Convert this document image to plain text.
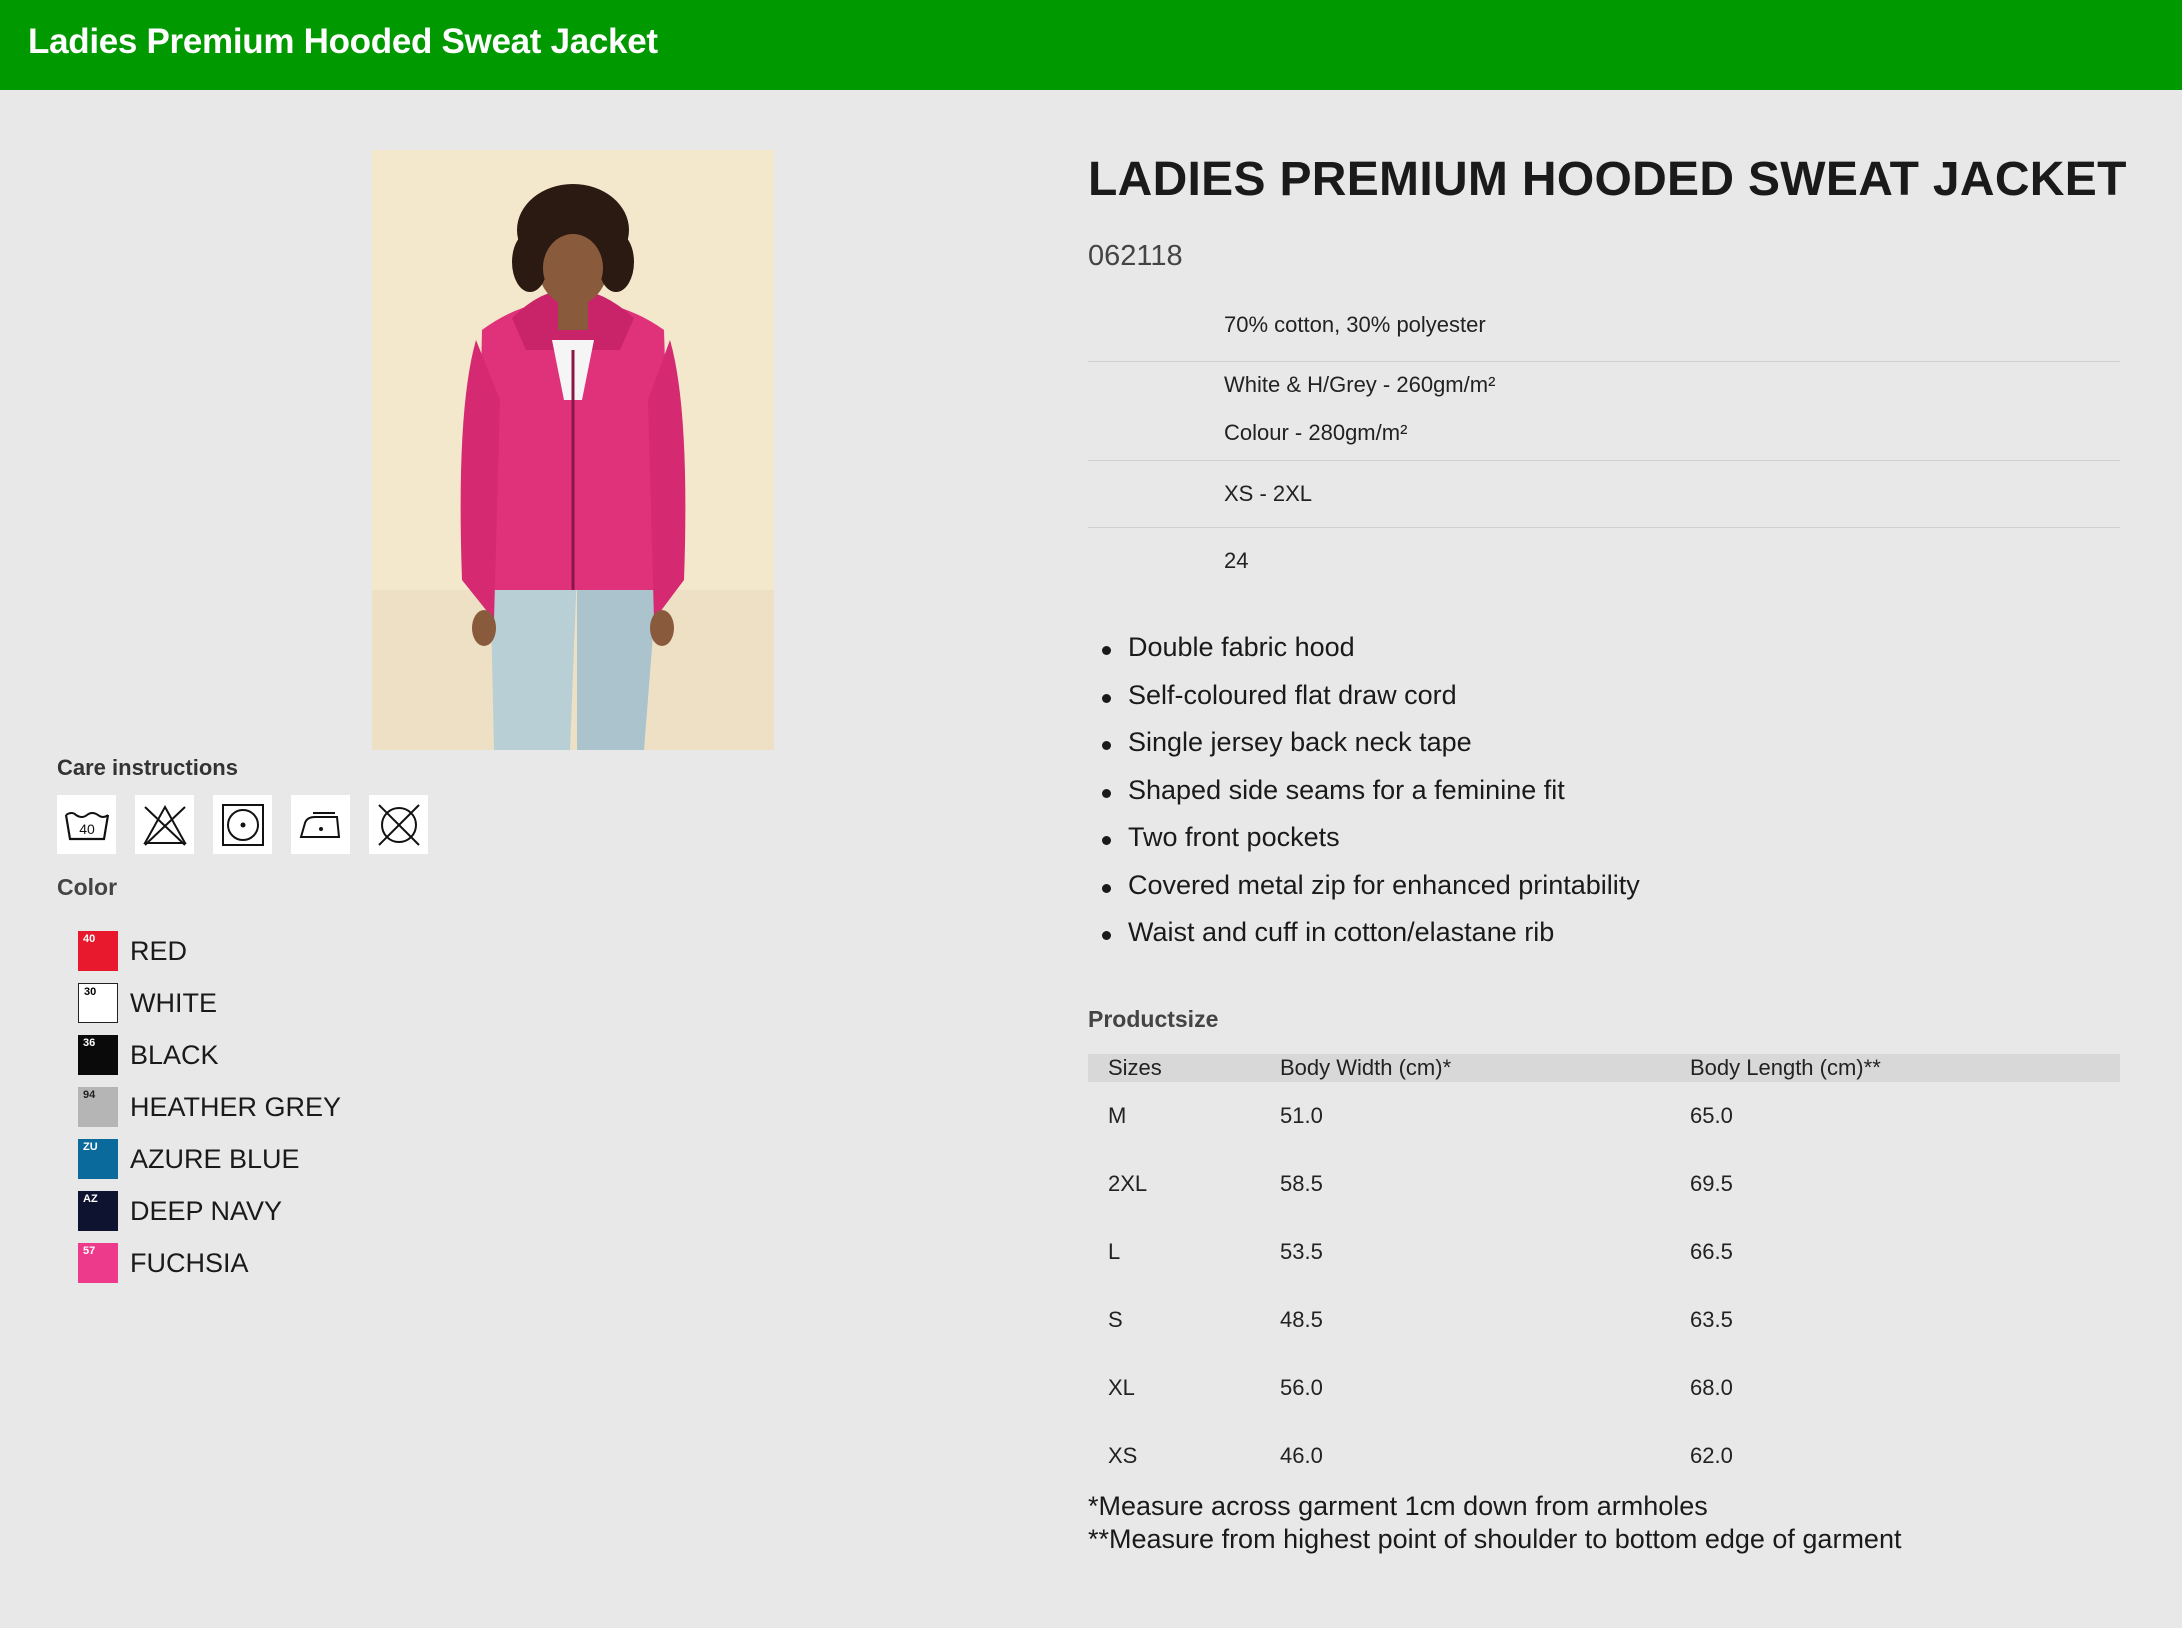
Ladies Premium Hooded Sweat Jacket
Care instructions
40
Color
40 RED
30 WHITE
36 BLACK
94 HEATHER GREY
ZU AZURE BLUE
AZ DEEP NAVY
57 FUCHSIA
LADIES PREMIUM HOODED SWEAT JACKET
062118
70% cotton, 30% polyester
White & H/Grey - 260gm/m²
Colour - 280gm/m²
XS - 2XL
24
Double fabric hood
Self-coloured flat draw cord
Single jersey back neck tape
Shaped side seams for a feminine fit
Two front pockets
Covered metal zip for enhanced printability
Waist and cuff in cotton/elastane rib
Productsize
Sizes	Body Width (cm)*	Body Length (cm)**
M	51.0	65.0
2XL	58.5	69.5
L	53.5	66.5
S	48.5	63.5
XL	56.0	68.0
XS	46.0	62.0
*Measure across garment 1cm down from armholes
**Measure from highest point of shoulder to bottom edge of garment
